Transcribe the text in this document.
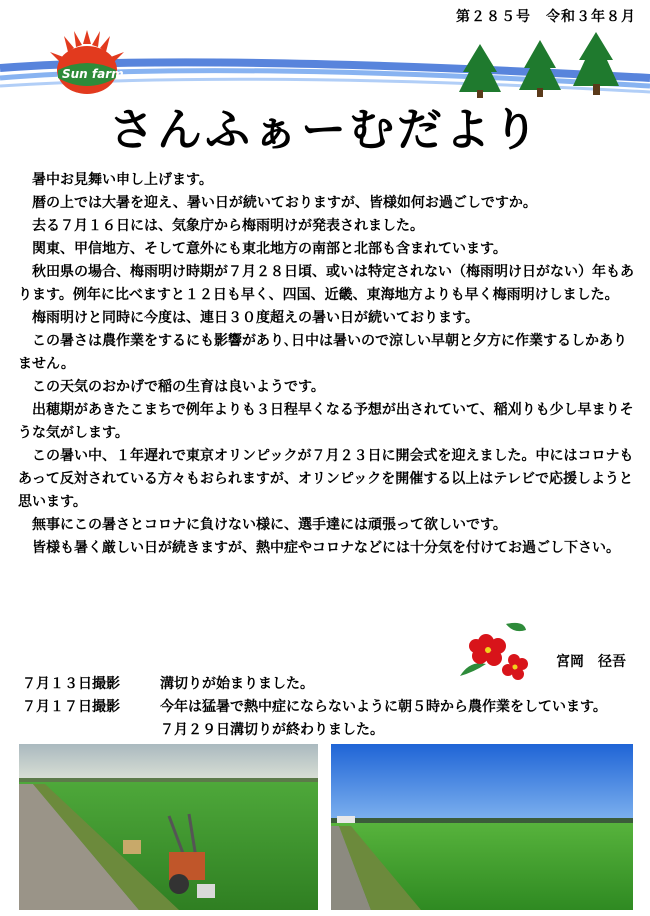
第２８５号　令和３年８月
Sun farm
さんふぁーむだより

暑中お見舞い申し上げます。

暦の上では大暑を迎え、暑い日が続いておりますが、皆様如何お過ごしですか。

去る７月１６日には、気象庁から梅雨明けが発表されました。

関東、甲信地方、そして意外にも東北地方の南部と北部も含まれています。

秋田県の場合、梅雨明け時期が７月２８日頃、或いは特定されない（梅雨明け日がない）年もあります。例年に比べますと１２日も早く、四国、近畿、東海地方よりも早く梅雨明けしました。

梅雨明けと同時に今度は、連日３０度超えの暑い日が続いております。

この暑さは農作業をするにも影響があり､日中は暑いので涼しい早朝と夕方に作業するしかありません。

この天気のおかげで稲の生育は良いようです。

出穂期があきたこまちで例年よりも３日程早くなる予想が出されていて、稲刈りも少し早まりそうな気がします。

この暑い中、１年遅れで東京オリンピックが７月２３日に開会式を迎えました。中にはコロナもあって反対されている方々もおられますが、オリンピックを開催する以上はテレビで応援しようと思います。

無事にこの暑さとコロナに負けない様に、選手達には頑張って欲しいです。

皆様も暑く厳しい日が続きますが、熱中症やコロナなどには十分気を付けてお過ごし下さい。

宮岡　径吾
７月１３日撮影	溝切りが始まりました。
７月１７日撮影	今年は猛暑で熱中症にならないように朝５時から農作業をしています。７月２９日溝切りが終わりました。
